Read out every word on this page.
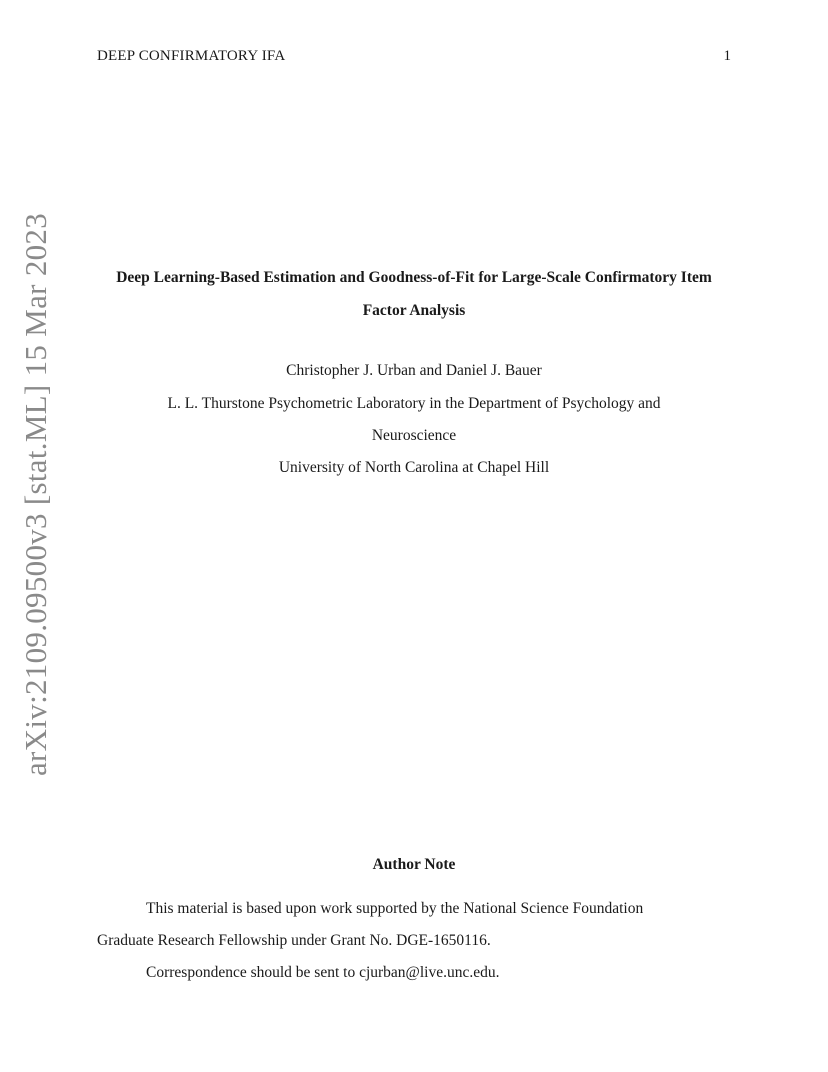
DEEP CONFIRMATORY IFA	1
arXiv:2109.09500v3 [stat.ML] 15 Mar 2023	Deep Learning-Based Estimation and Goodness-of-Fit for Large-Scale Confirmatory Item Factor Analysis
Christopher J. Urban and Daniel J. Bauer
L. L. Thurstone Psychometric Laboratory in the Department of Psychology and
Neuroscience
University of North Carolina at Chapel Hill
Author Note
This material is based upon work supported by the National Science Foundation
Graduate Research Fellowship under Grant No. DGE-1650116.
Correspondence should be sent to cjurban@live.unc.edu.
